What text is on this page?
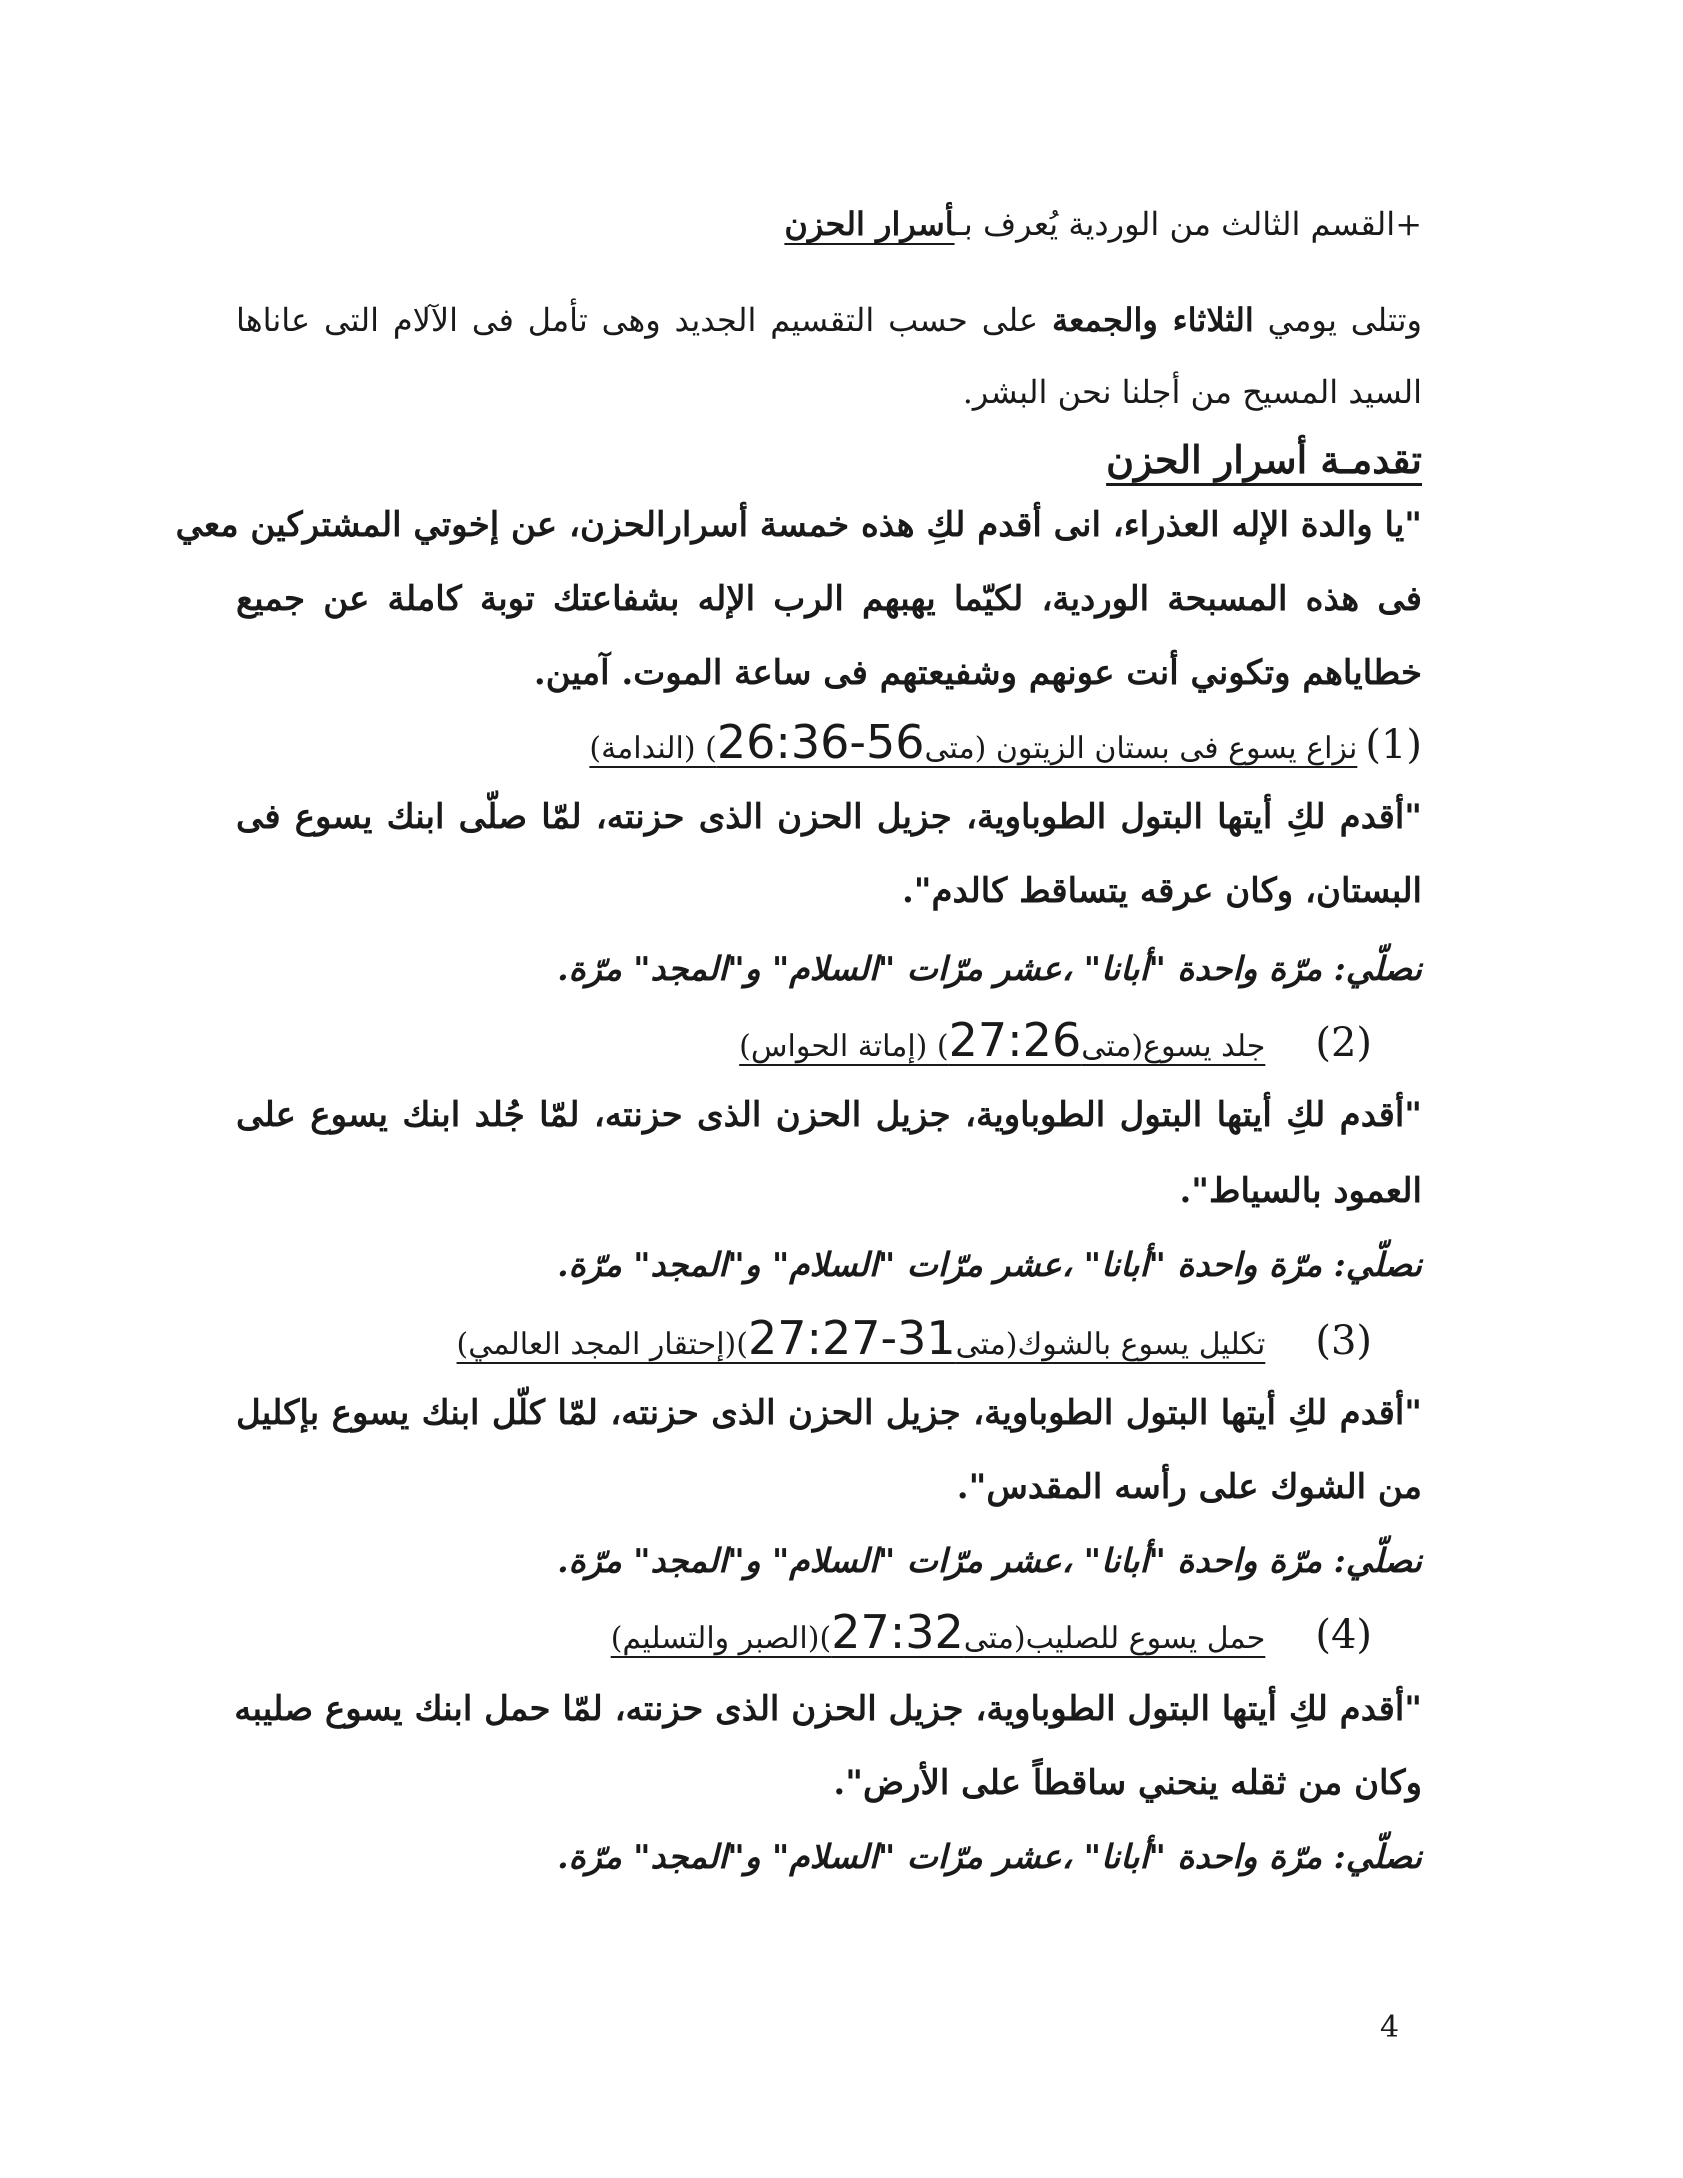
+القسم الثالث من الوردية يُعرف بـأسرار الحزن
وتتلى يومي الثلاثاء والجمعة على حسب التقسيم الجديد وهى تأمل فى الآلام التى عاناها
السيد المسيح من أجلنا نحن البشر.
تقدمـة أسرار الحزن
"يا والدة الإله العذراء، انى أقدم لكِ هذه خمسة أسرارالحزن، عن إخوتي المشتركين معي
فى هذه المسبحة الوردية، لكيّما يهبهم الرب الإله بشفاعتك توبة كاملة عن جميع
خطاياهم وتكوني أنت عونهم وشفيعتهم فى ساعة الموت. آمين.
(1)نزاع يسوع فى بستان الزيتون (متى26:36-56) (الندامة)
"أقدم لكِ أيتها البتول الطوباوية، جزيل الحزن الذى حزنته، لمّا صلّى ابنك يسوع فى
البستان، وكان عرقه يتساقط كالدم".
نصلّي: مرّة واحدة "أبانا" ،عشر مرّات "السلام" و"المجد" مرّة.
(2)جلد يسوع(متى27:26) (إماتة الحواس)
"أقدم لكِ أيتها البتول الطوباوية، جزيل الحزن الذى حزنته، لمّا جُلد ابنك يسوع على
العمود بالسياط".
نصلّي: مرّة واحدة "أبانا" ،عشر مرّات "السلام" و"المجد" مرّة.
(3)تكليل يسوع بالشوك(متى27:27-31)(إحتقار المجد العالمي)
"أقدم لكِ أيتها البتول الطوباوية، جزيل الحزن الذى حزنته، لمّا كلّل ابنك يسوع بإكليل
من الشوك على رأسه المقدس".
نصلّي: مرّة واحدة "أبانا" ،عشر مرّات "السلام" و"المجد" مرّة.
(4)حمل يسوع للصليب(متى27:32)(الصبر والتسليم)
"أقدم لكِ أيتها البتول الطوباوية، جزيل الحزن الذى حزنته، لمّا حمل ابنك يسوع صليبه
وكان من ثقله ينحني ساقطاً على الأرض".
نصلّي: مرّة واحدة "أبانا" ،عشر مرّات "السلام" و"المجد" مرّة.
4
